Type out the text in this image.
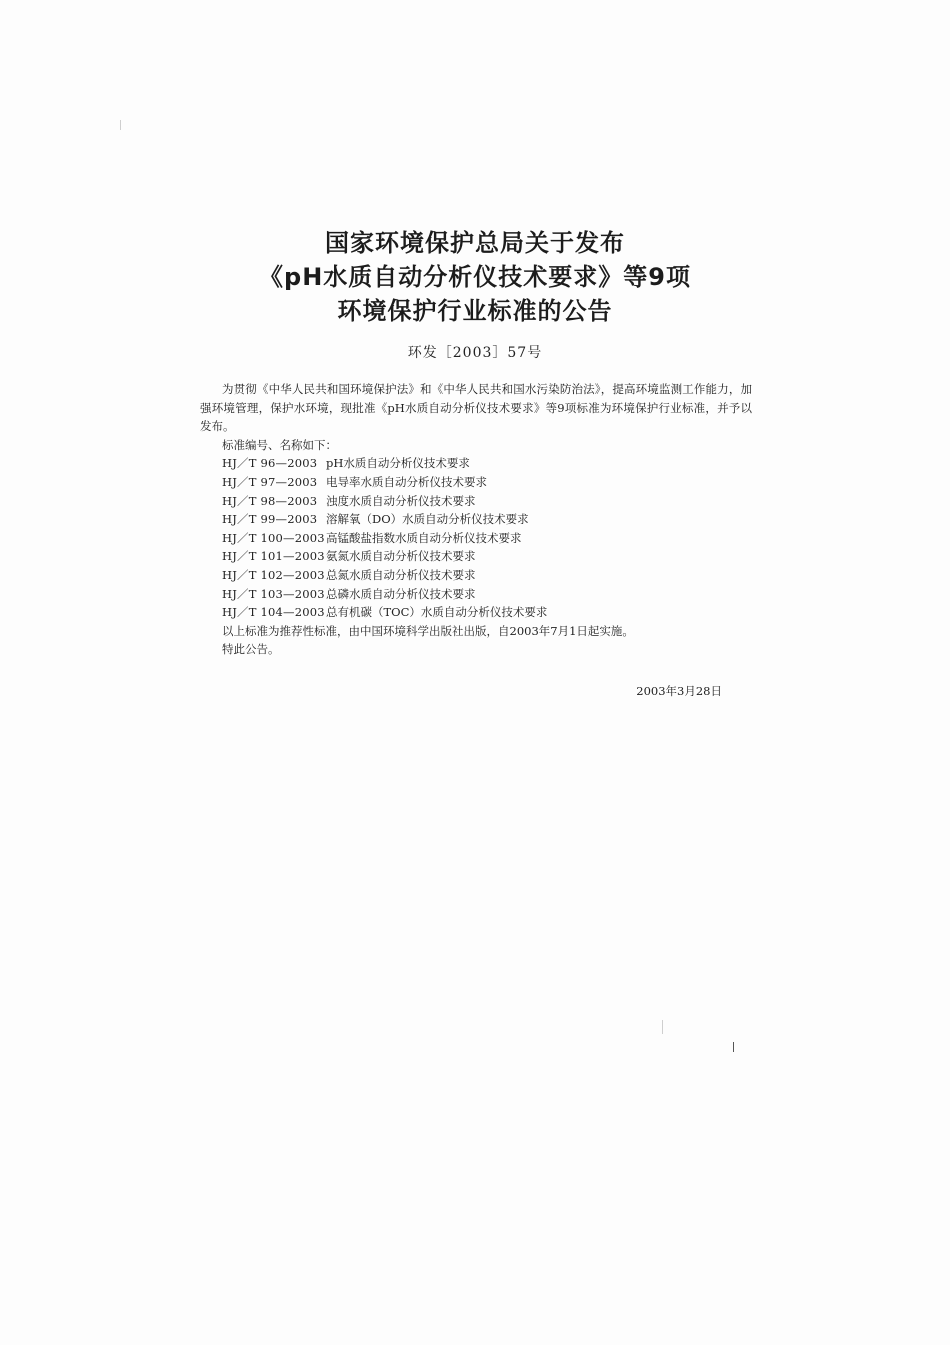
国家环境保护总局关于发布
《pH水质自动分析仪技术要求》等9项
环境保护行业标准的公告
环发［2003］57号

为贯彻《中华人民共和国环境保护法》和《中华人民共和国水污染防治法》，提高环境监测工作能力，加强环境管理，保护水环境，现批准《pH水质自动分析仪技术要求》等9项标准为环境保护行业标准，并予以发布。

标准编号、名称如下：

HJ／T 96—2003 pH水质自动分析仪技术要求
HJ／T 97—2003 电导率水质自动分析仪技术要求
HJ／T 98—2003 浊度水质自动分析仪技术要求
HJ／T 99—2003 溶解氧（DO）水质自动分析仪技术要求
HJ／T 100—2003 高锰酸盐指数水质自动分析仪技术要求
HJ／T 101—2003 氨氮水质自动分析仪技术要求
HJ／T 102—2003 总氮水质自动分析仪技术要求
HJ／T 103—2003 总磷水质自动分析仪技术要求
HJ／T 104—2003 总有机碳（TOC）水质自动分析仪技术要求

以上标准为推荐性标准，由中国环境科学出版社出版，自2003年7月1日起实施。

特此公告。

2003年3月28日
